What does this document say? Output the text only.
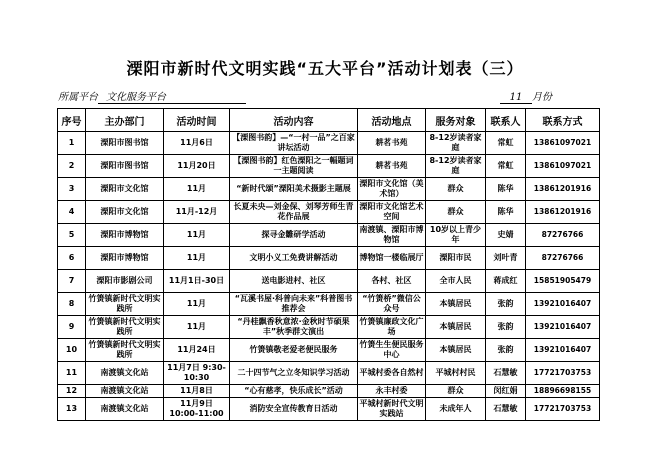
溧阳市新时代文明实践“五大平台”活动计划表（三）
所属平台 文化服务平台	11 月份
序号	主办部门	活动时间	活动内容	活动地点	服务对象	联系人	联系方式
1	溧阳市图书馆	11月6日	【溧图书韵】—“一村一品”之百家讲坛活动	耕茗书苑	8-12岁读者家庭	常虹	13861097021
2	溧阳市图书馆	11月20日	【溧图书韵】红色溧阳之一幅题词一主题阅读	耕茗书苑	8-12岁读者家庭	常虹	13861097021
3	溧阳市文化馆	11月	“新时代颂”溧阳美术摄影主题展	溧阳市文化馆（美术馆）	群众	陈华	13861201916
4	溧阳市文化馆	11月-12月	长夏未央—刘金保、刘琴芳师生青花作品展	溧阳市文化馆艺术空间	群众	陈华	13861201916
5	溧阳市博物馆	11月	探寻金雛研学活动	南渡镇、溧阳市博物馆	10岁以上青少年	史婧	87276766
6	溧阳市博物馆	11月	文明小义工免费讲解活动	博物馆一楼临展厅	溧阳市民	刘叶青	87276766
7	溧阳市影剧公司	11月1日-30日	送电影进村、社区	各村、社区	全市人民	蒋成红	15851905479
8	竹箦镇新时代文明实践所	11月	“瓦溪书屋·科普向未来”科普图书推荐会	“竹箦桥”微信公众号	本镇居民	张韵	13921016407
9	竹箦镇新时代文明实践所	11月	“丹桂飘香秋意浓·金秋时节硕果丰”秋季群文演出	竹箦镇廉政文化广场	本镇居民	张韵	13921016407
10	竹箦镇新时代文明实践所	11月24日	竹箦镇敬老爱老便民服务	竹箦生生便民服务中心	本镇居民	张韵	13921016407
11	南渡镇文化站	11月7日 9:30-10:30	二十四节气之立冬知识学习活动	平城村委各自然村	平城村村民	石慧敏	17721703753
12	南渡镇文化站	11月8日	“心有慈孝，快乐成长”活动	永丰村委	群众	闵红娟	18896698155
13	南渡镇文化站	11月9日 10:00-11:00	消防安全宣传教育日活动	平城村新时代文明实践站	未成年人	石慧敏	17721703753
